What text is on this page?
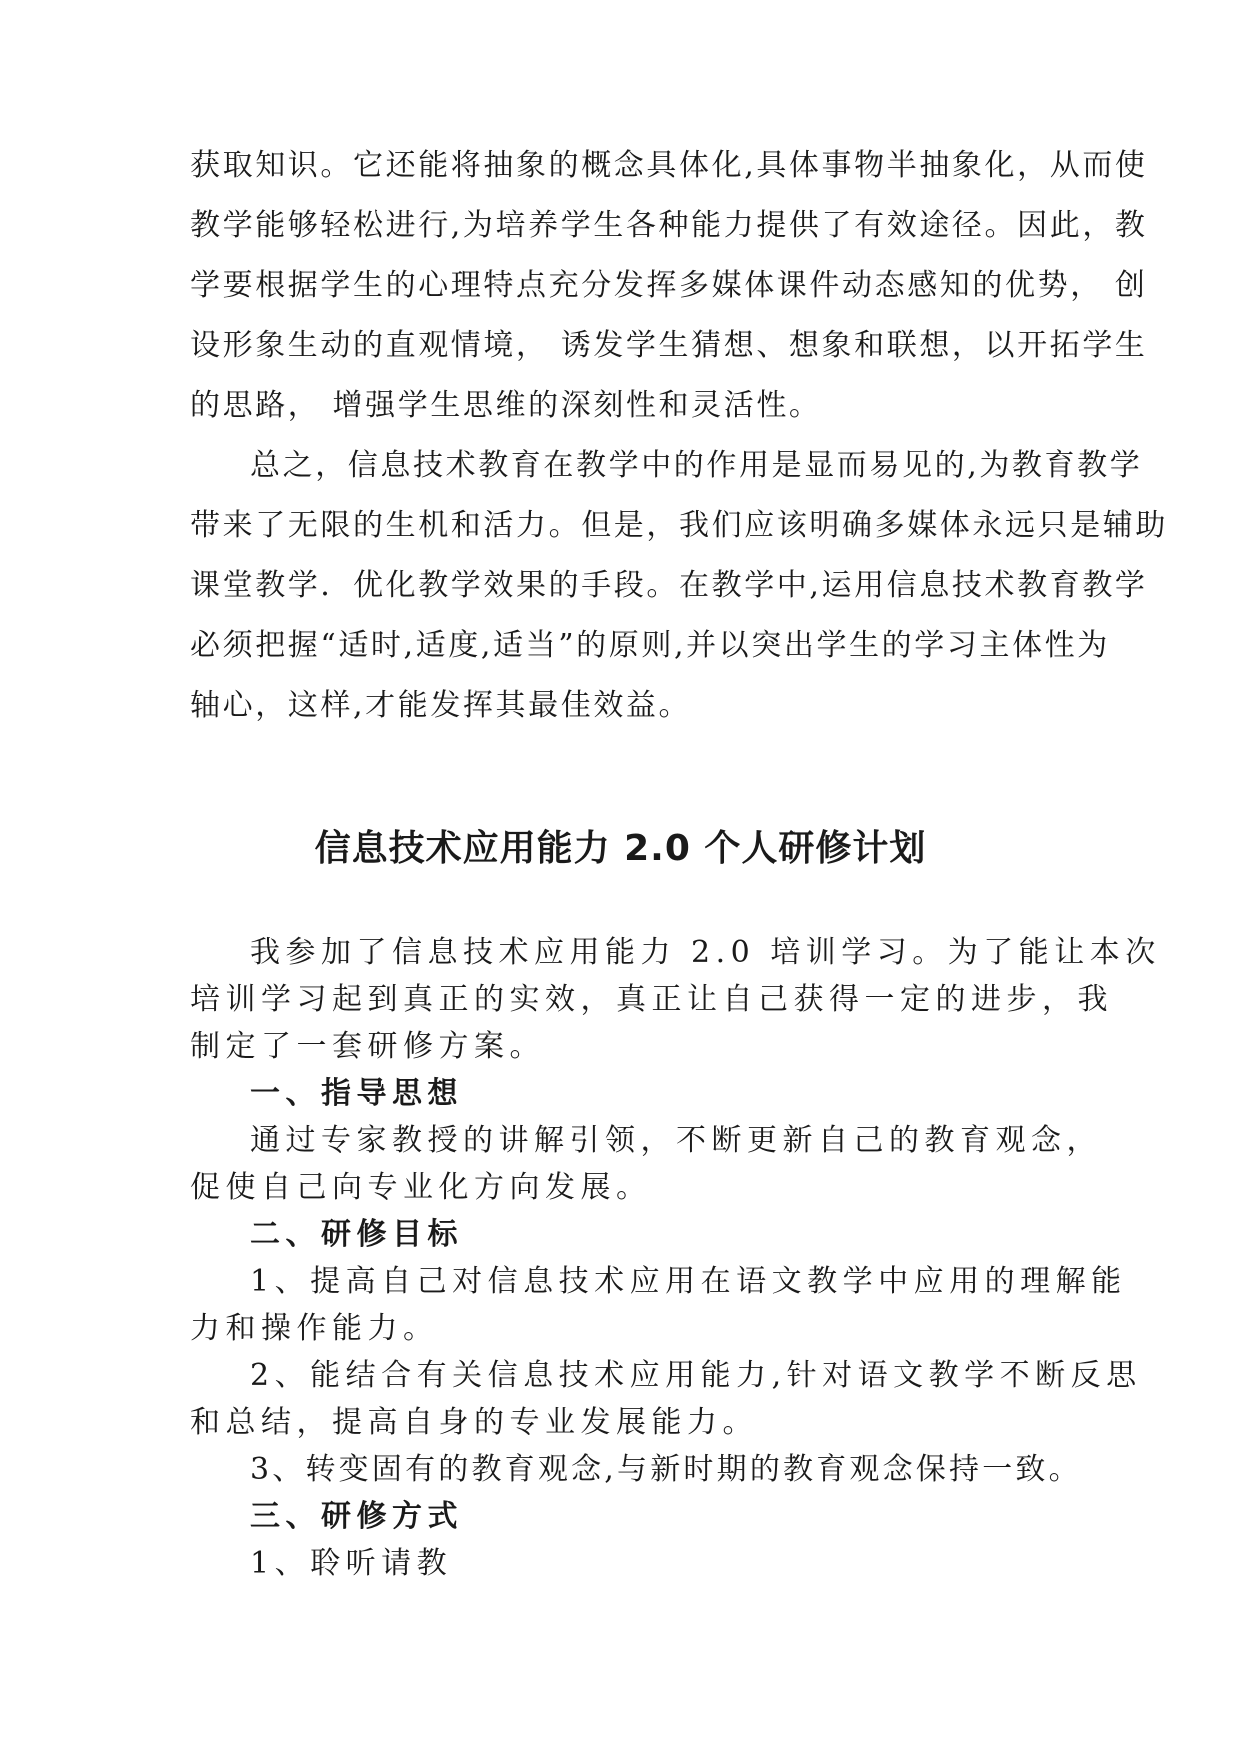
获取知识。它还能将抽象的概念具体化,具体事物半抽象化，从而使
教学能够轻松进行,为培养学生各种能力提供了有效途径。因此，教
学要根据学生的心理特点充分发挥多媒体课件动态感知的优势， 创
设形象生动的直观情境， 诱发学生猜想、想象和联想，以开拓学生
的思路， 增强学生思维的深刻性和灵活性。
总之，信息技术教育在教学中的作用是显而易见的,为教育教学
带来了无限的生机和活力。但是，我们应该明确多媒体永远只是辅助
课堂教学．优化教学效果的手段。在教学中,运用信息技术教育教学
必须把握“适时,适度,适当”的原则,并以突出学生的学习主体性为
轴心，这样,才能发挥其最佳效益。
信息技术应用能力 2.0 个人研修计划
我参加了信息技术应用能力 2.0 培训学习。为了能让本次
培训学习起到真正的实效，真正让自己获得一定的进步，我
制定了一套研修方案。
一、指导思想
通过专家教授的讲解引领，不断更新自己的教育观念，
促使自己向专业化方向发展。
二、研修目标
1、提高自己对信息技术应用在语文教学中应用的理解能
力和操作能力。
2、能结合有关信息技术应用能力,针对语文教学不断反思
和总结，提高自身的专业发展能力。
3、转变固有的教育观念,与新时期的教育观念保持一致。
三、研修方式
1、聆听请教
